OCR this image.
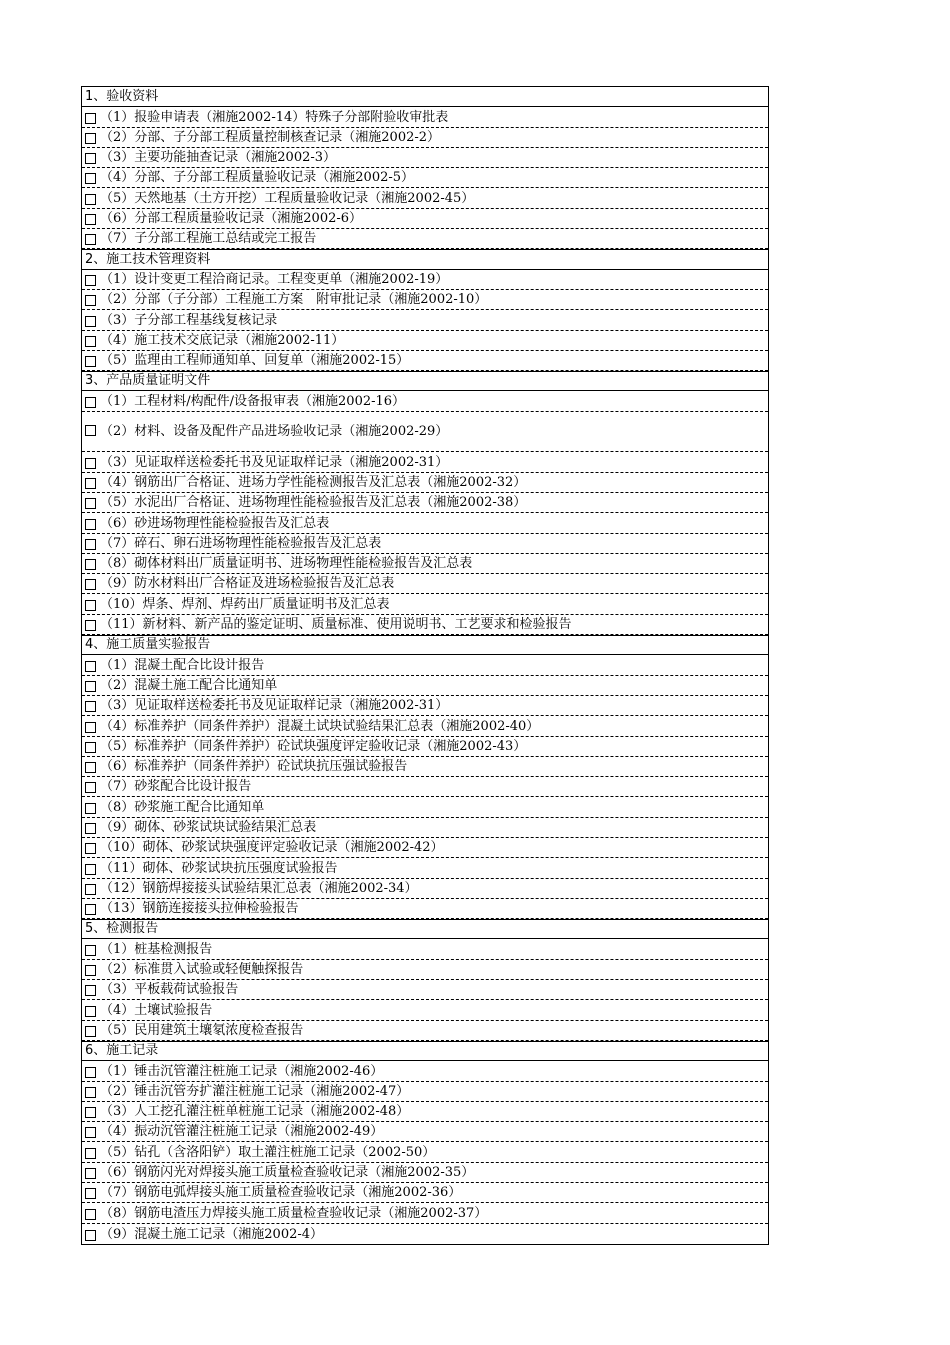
1、验收资料
（1）报验申请表（湘施2002-14）特殊子分部附验收审批表
（2）分部、子分部工程质量控制核查记录（湘施2002-2）
（3）主要功能抽查记录（湘施2002-3）
（4）分部、子分部工程质量验收记录（湘施2002-5）
（5）天然地基（土方开挖）工程质量验收记录（湘施2002-45）
（6）分部工程质量验收记录（湘施2002-6）
（7）子分部工程施工总结或完工报告
2、施工技术管理资料
（1）设计变更工程洽商记录。工程变更单（湘施2002-19）
（2）分部（子分部）工程施工方案　附审批记录（湘施2002-10）
（3）子分部工程基线复核记录
（4）施工技术交底记录（湘施2002-11）
（5）监理由工程师通知单、回复单（湘施2002-15）
3、产品质量证明文件
（1）工程材料/构配件/设备报审表（湘施2002-16）
（2）材料、设备及配件产品进场验收记录（湘施2002-29）
（3）见证取样送检委托书及见证取样记录（湘施2002-31）
（4）钢筋出厂合格证、进场力学性能检测报告及汇总表（湘施2002-32）
（5）水泥出厂合格证、进场物理性能检验报告及汇总表（湘施2002-38）
（6）砂进场物理性能检验报告及汇总表
（7）碎石、卵石进场物理性能检验报告及汇总表
（8）砌体材料出厂质量证明书、进场物理性能检验报告及汇总表
（9）防水材料出厂合格证及进场检验报告及汇总表
（10）焊条、焊剂、焊药出厂质量证明书及汇总表
（11）新材料、新产品的鉴定证明、质量标准、使用说明书、工艺要求和检验报告
4、施工质量实验报告
（1）混凝土配合比设计报告
（2）混凝土施工配合比通知单
（3）见证取样送检委托书及见证取样记录（湘施2002-31）
（4）标准养护（同条件养护）混凝土试块试验结果汇总表（湘施2002-40）
（5）标准养护（同条件养护）砼试块强度评定验收记录（湘施2002-43）
（6）标准养护（同条件养护）砼试块抗压强试验报告
（7）砂浆配合比设计报告
（8）砂浆施工配合比通知单
（9）砌体、砂浆试块试验结果汇总表
（10）砌体、砂浆试块强度评定验收记录（湘施2002-42）
（11）砌体、砂浆试块抗压强度试验报告
（12）钢筋焊接接头试验结果汇总表（湘施2002-34）
（13）钢筋连接接头拉伸检验报告
5、检测报告
（1）桩基检测报告
（2）标准贯入试验或轻便触探报告
（3）平板载荷试验报告
（4）土壤试验报告
（5）民用建筑土壤氡浓度检查报告
6、施工记录
（1）锤击沉管灌注桩施工记录（湘施2002-46）
（2）锤击沉管夯扩灌注桩施工记录（湘施2002-47）
（3）人工挖孔灌注桩单桩施工记录（湘施2002-48）
（4）振动沉管灌注桩施工记录（湘施2002-49）
（5）钻孔（含洛阳铲）取土灌注桩施工记录（2002-50）
（6）钢筋闪光对焊接头施工质量检查验收记录（湘施2002-35）
（7）钢筋电弧焊接头施工质量检查验收记录（湘施2002-36）
（8）钢筋电渣压力焊接头施工质量检查验收记录（湘施2002-37）
（9）混凝土施工记录（湘施2002-4）
